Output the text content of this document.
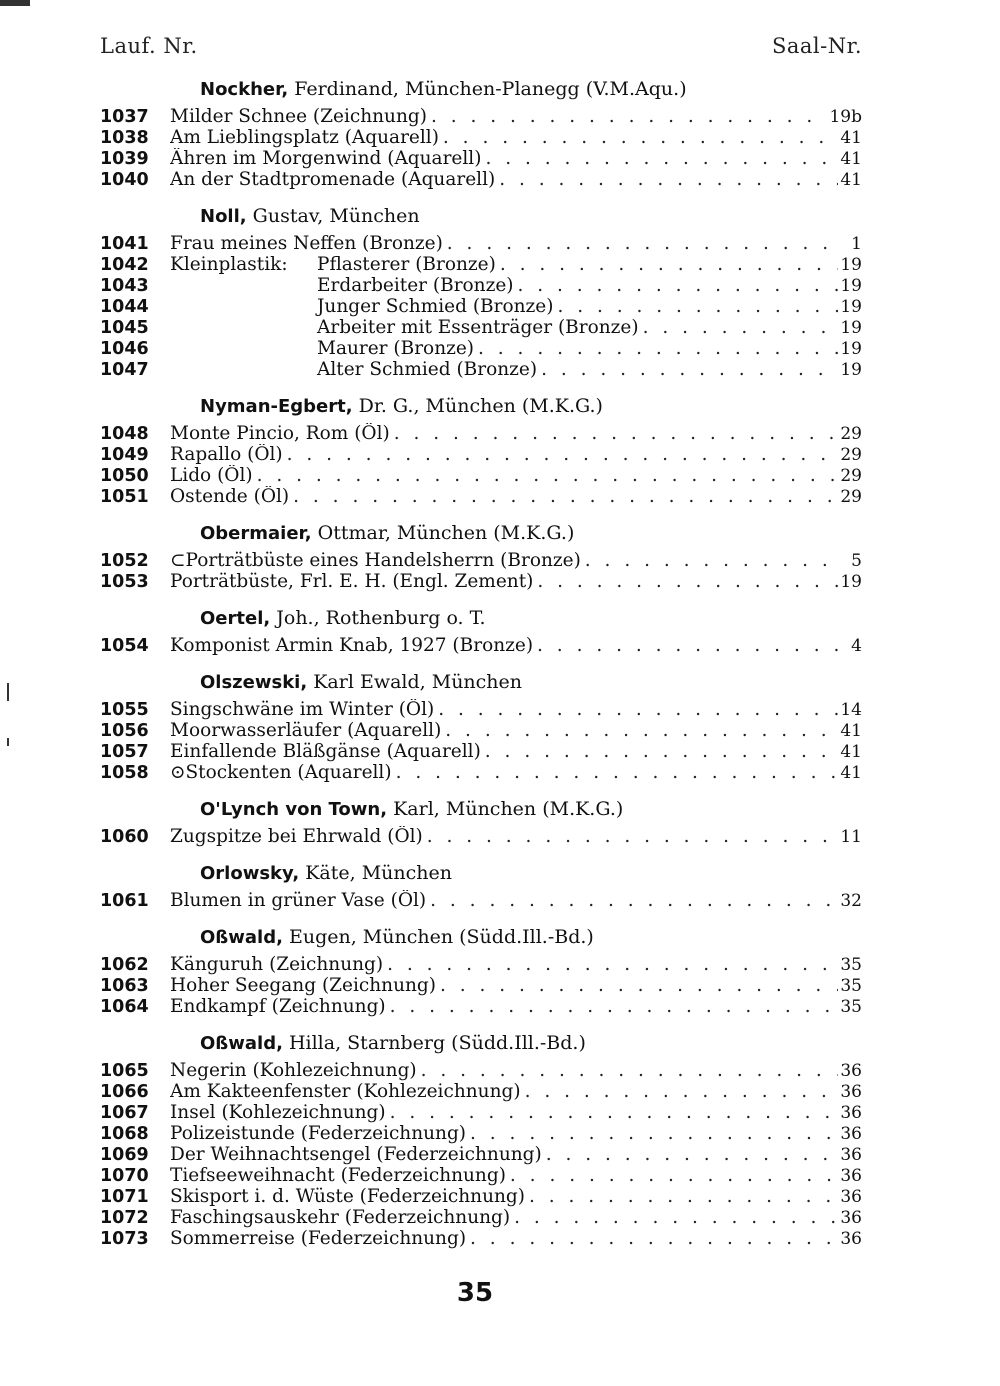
Lauf. Nr.	Saal-Nr.
Nockher, Ferdinand, München-Planegg (V.M.Aqu.)
1037	Milder Schnee (Zeichnung) . . .	19b
1038	Am Lieblingsplatz (Aquarell) . . .	41
1039	Ähren im Morgenwind (Aquarell) . . .	41
1040	An der Stadtpromenade (Aquarell) . . .	41
Noll, Gustav, München
1041	Frau meines Neffen (Bronze) . . .	1
1042	Kleinplastik:	Pflasterer (Bronze) . . .	19
1043	Erdarbeiter (Bronze) . . .	19
1044	Junger Schmied (Bronze) . . .	19
1045	Arbeiter mit Essenträger (Bronze) . . .	19
1046	Maurer (Bronze) . . .	19
1047	Alter Schmied (Bronze) . . .	19
Nyman-Egbert, Dr. G., München (M.K.G.)
1048	Monte Pincio, Rom (Öl) . . .	29
1049	Rapallo (Öl) . . .	29
1050	Lido (Öl) . . .	29
1051	Ostende (Öl) . . .	29
Obermaier, Ottmar, München (M.K.G.)
1052	⊂Porträtbüste eines Handelsherrn (Bronze) . . .	5
1053	Porträtbüste, Frl. E. H. (Engl. Zement) . . .	19
Oertel, Joh., Rothenburg o. T.
1054	Komponist Armin Knab, 1927 (Bronze) . . .	4
Olszewski, Karl Ewald, München
1055	Singschwäne im Winter (Öl) . . .	14
1056	Moorwasserläufer (Aquarell) . . .	41
1057	Einfallende Bläßgänse (Aquarell) . . .	41
1058	⊙Stockenten (Aquarell) . . .	41
O'Lynch von Town, Karl, München (M.K.G.)
1060	Zugspitze bei Ehrwald (Öl) . . .	11
Orlowsky, Käte, München
1061	Blumen in grüner Vase (Öl) . . .	32
Oßwald, Eugen, München (Südd.Ill.-Bd.)
1062	Känguruh (Zeichnung) . . .	35
1063	Hoher Seegang (Zeichnung) . . .	35
1064	Endkampf (Zeichnung) . . .	35
Oßwald, Hilla, Starnberg (Südd.Ill.-Bd.)
1065	Negerin (Kohlezeichnung) . . .	36
1066	Am Kakteenfenster (Kohlezeichnung) . . .	36
1067	Insel (Kohlezeichnung) . . .	36
1068	Polizeistunde (Federzeichnung) . . .	36
1069	Der Weihnachtsengel (Federzeichnung) . . .	36
1070	Tiefseeweihnacht (Federzeichnung) . . .	36
1071	Skisport i. d. Wüste (Federzeichnung) . . .	36
1072	Faschingsauskehr (Federzeichnung) . . .	36
1073	Sommerreise (Federzeichnung) . . .	36
35
